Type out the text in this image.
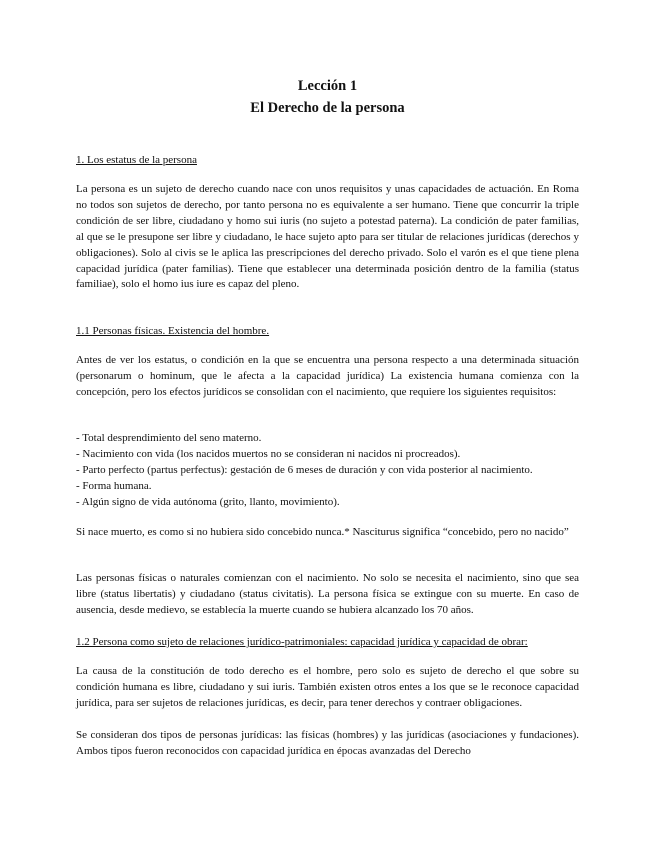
Lección 1
El Derecho de la persona
1. Los estatus de la persona

La persona es un sujeto de derecho cuando nace con unos requisitos y unas capacidades de actuación. En Roma no todos son sujetos de derecho, por tanto persona no es equivalente a ser humano. Tiene que concurrir la triple condición de ser libre, ciudadano y homo sui iuris (no sujeto a potestad paterna). La condición de pater familias, al que se le presupone ser libre y ciudadano, le hace sujeto apto para ser titular de relaciones jurídicas (derechos y obligaciones). Solo al civis se le aplica las prescripciones del derecho privado. Solo el varón es el que tiene plena capacidad jurídica (pater familias). Tiene que establecer una determinada posición dentro de la familia (status familiae), solo el homo ius iure es capaz del pleno.

1.1 Personas físicas. Existencia del hombre.

Antes de ver los estatus, o condición en la que se encuentra una persona respecto a una determinada situación (personarum o hominum, que le afecta a la capacidad jurídica) La existencia humana comienza con la concepción, pero los efectos jurídicos se consolidan con el nacimiento, que requiere los siguientes requisitos:

- Total desprendimiento del seno materno.
- Nacimiento con vida (los nacidos muertos no se consideran ni nacidos ni procreados).
- Parto perfecto (partus perfectus): gestación de 6 meses de duración y con vida posterior al nacimiento.
- Forma humana.
- Algún signo de vida autónoma (grito, llanto, movimiento).

Si nace muerto, es como si no hubiera sido concebido nunca.* Nasciturus significa “concebido, pero no nacido”

Las personas físicas o naturales comienzan con el nacimiento. No solo se necesita el nacimiento, sino que sea libre (status libertatis) y ciudadano (status civitatis). La persona física se extingue con su muerte. En caso de ausencia, desde medievo, se establecía la muerte cuando se hubiera alcanzado los 70 años.

1.2 Persona como sujeto de relaciones jurídico-patrimoniales: capacidad jurídica y capacidad de obrar:

La causa de la constitución de todo derecho es el hombre, pero solo es sujeto de derecho el que sobre su condición humana es libre, ciudadano y sui iuris. También existen otros entes a los que se le reconoce capacidad jurídica, para ser sujetos de relaciones jurídicas, es decir, para tener derechos y contraer obligaciones.

Se consideran dos tipos de personas jurídicas: las físicas (hombres) y las jurídicas (asociaciones y fundaciones). Ambos tipos fueron reconocidos con capacidad jurídica en épocas avanzadas del Derecho
